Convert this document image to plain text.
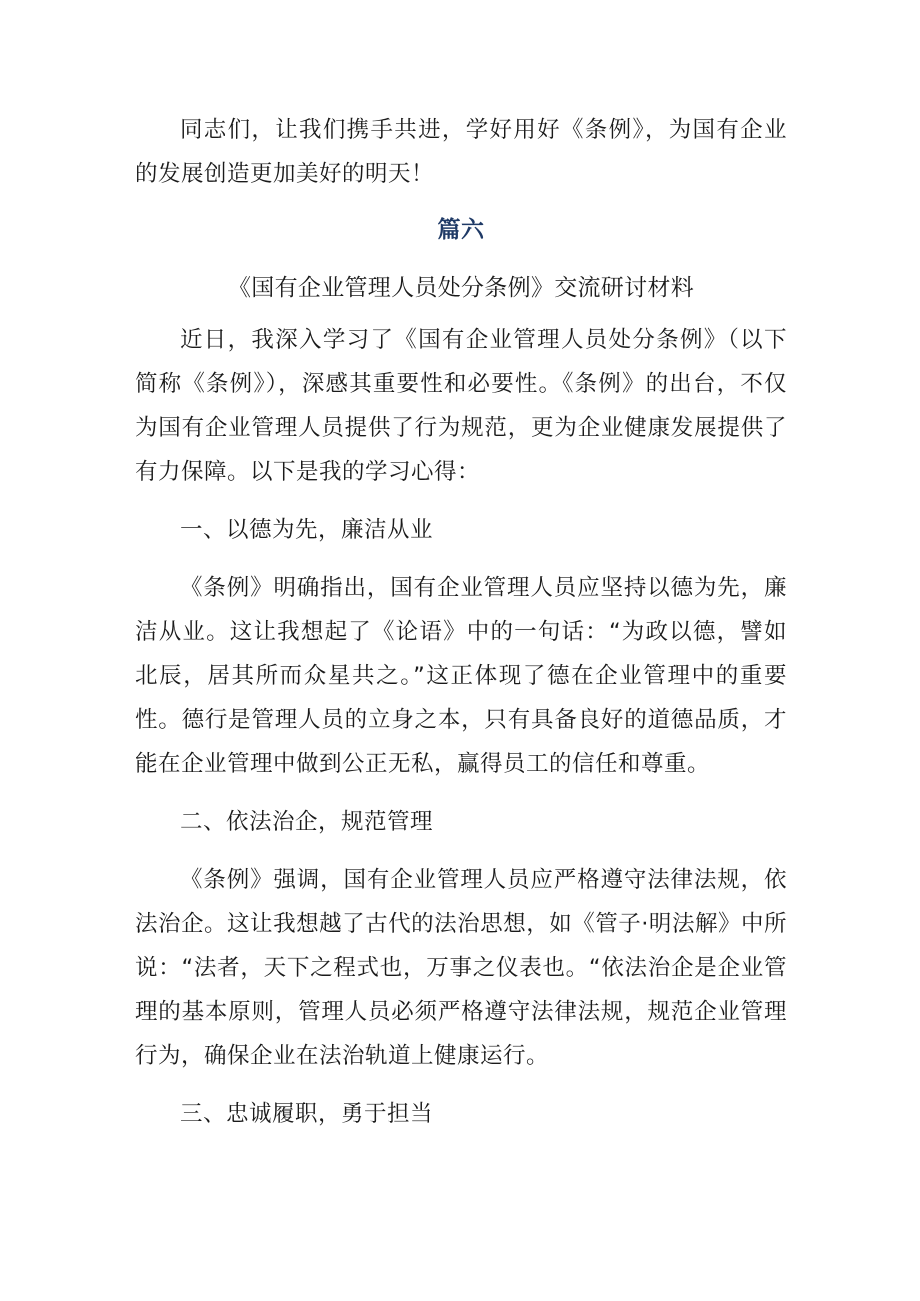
同志们，让我们携手共进，学好用好《条例》，为国有企业的发展创造更加美好的明天！

篇六

《国有企业管理人员处分条例》交流研讨材料

近日，我深入学习了《国有企业管理人员处分条例》（以下简称《条例》），深感其重要性和必要性。《条例》的出台，不仅为国有企业管理人员提供了行为规范，更为企业健康发展提供了有力保障。以下是我的学习心得：

一、以德为先，廉洁从业

《条例》明确指出，国有企业管理人员应坚持以德为先，廉洁从业。这让我想起了《论语》中的一句话：“为政以德，譬如北辰，居其所而众星共之。”这正体现了德在企业管理中的重要性。德行是管理人员的立身之本，只有具备良好的道德品质，才能在企业管理中做到公正无私，赢得员工的信任和尊重。

二、依法治企，规范管理

《条例》强调，国有企业管理人员应严格遵守法律法规，依法治企。这让我想越了古代的法治思想，如《管子·明法解》中所说：“法者，天下之程式也，万事之仪表也。“依法治企是企业管理的基本原则，管理人员必须严格遵守法律法规，规范企业管理行为，确保企业在法治轨道上健康运行。

三、忠诚履职，勇于担当
